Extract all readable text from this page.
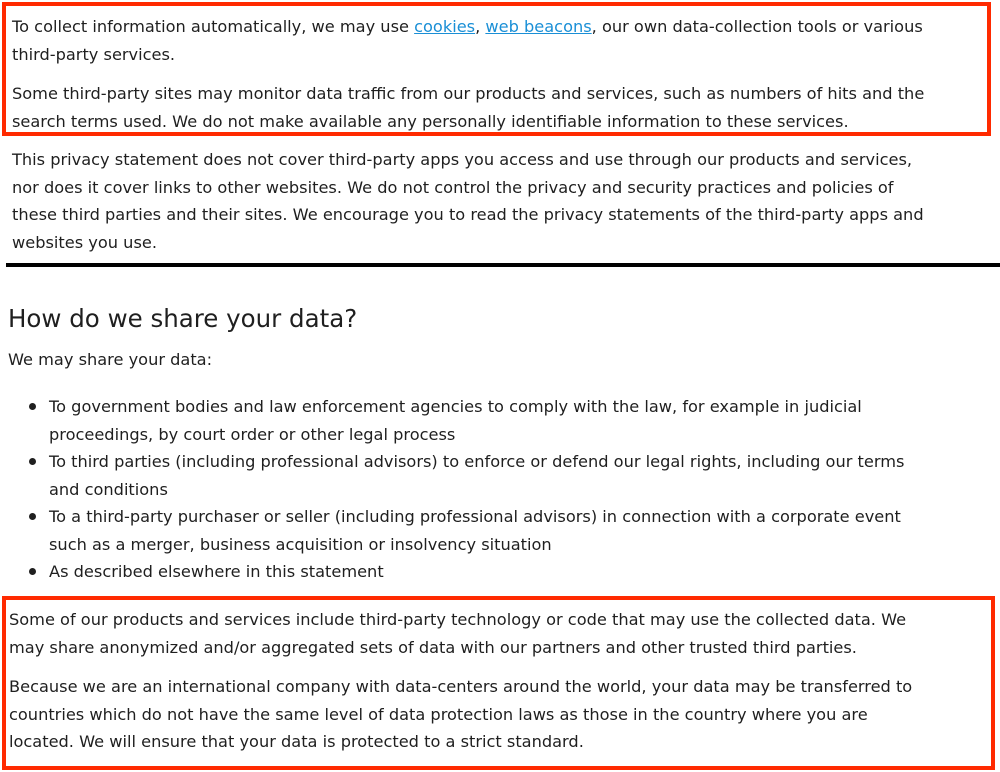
To collect information automatically, we may use cookies, web beacons, our own data-collection tools or various
third-party services.
Some third-party sites may monitor data traffic from our products and services, such as numbers of hits and the
search terms used. We do not make available any personally identifiable information to these services.
This privacy statement does not cover third-party apps you access and use through our products and services,
nor does it cover links to other websites. We do not control the privacy and security practices and policies of
these third parties and their sites. We encourage you to read the privacy statements of the third-party apps and
websites you use.
How do we share your data?
We may share your data:
To government bodies and law enforcement agencies to comply with the law, for example in judicial
proceedings, by court order or other legal process
To third parties (including professional advisors) to enforce or defend our legal rights, including our terms
and conditions
To a third-party purchaser or seller (including professional advisors) in connection with a corporate event
such as a merger, business acquisition or insolvency situation
As described elsewhere in this statement
Some of our products and services include third-party technology or code that may use the collected data. We
may share anonymized and/or aggregated sets of data with our partners and other trusted third parties.
Because we are an international company with data-centers around the world, your data may be transferred to
countries which do not have the same level of data protection laws as those in the country where you are
located. We will ensure that your data is protected to a strict standard.
